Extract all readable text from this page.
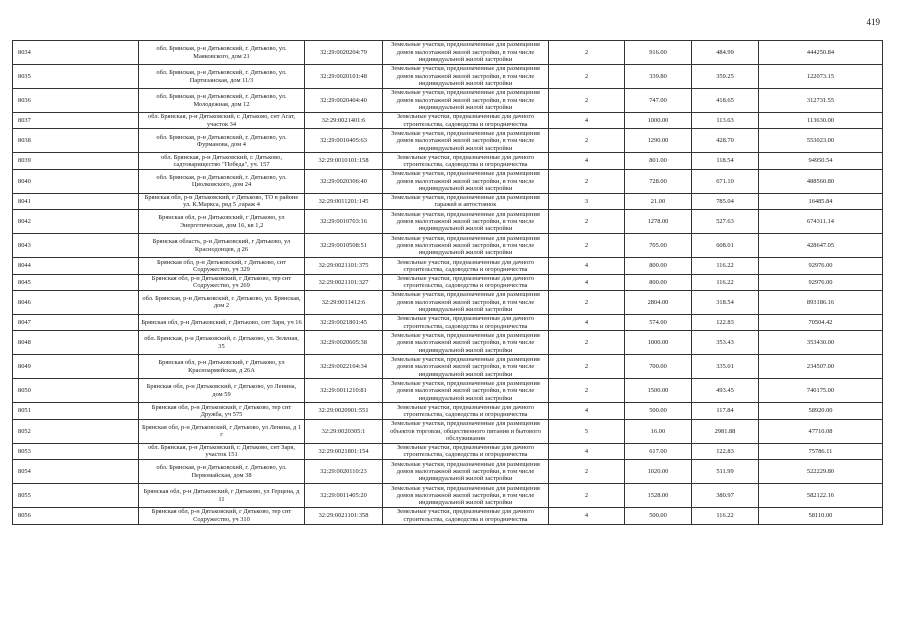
419
8034	обл. Брянская, р-н Дятьковский, г. Дятьково, ул. Маяковского, дом 21	32:29:0020204:79	Земельные участки, предназначенные для размещения домов малоэтажной жилой застройки, в том числе индивидуальной жилой застройки	2	916.00	484.99	444250.84
8035	обл. Брянская, р-н Дятьковский, г. Дятьково, ул. Партизанская, дом 11/3	32:29:0020101:48	Земельные участки, предназначенные для размещения домов малоэтажной жилой застройки, в том числе индивидуальной жилой застройки	2	339.80	359.25	122073.15
8036	обл. Брянская, р-н Дятьковский, г. Дятьково, ул. Молодежная, дом 12	32:29:0020404:40	Земельные участки, предназначенные для размещения домов малоэтажной жилой застройки, в том числе индивидуальной жилой застройки	2	747.00	418.65	312731.55
8037	обл. Брянская, р-н Дятьковский, г. Дятьково, снт Агат, участок 34	32:29:0021401:6	Земельные участки, предназначенные для дачного строительства, садоводства и огородничества	4	1000.00	113.63	113630.00
8038	обл. Брянская, р-н Дятьковский, г. Дятьково, ул. Фурманова, дом 4	32:29:0010405:63	Земельные участки, предназначенные для размещения домов малоэтажной жилой застройки, в том числе индивидуальной жилой застройки	2	1290.00	428.70	553023.00
8039	обл. Брянская, р-н Дятьковский, г. Дятьково, садтоварищество "Победа", уч. 157	32:29:0010101:158	Земельные участки, предназначенные для дачного строительства, садоводства и огородничества	4	801.00	118.54	94950.54
8040	обл. Брянская, р-н Дятьковский, г. Дятьково, ул. Циолковского, дом 24	32:29:0020306:40	Земельные участки, предназначенные для размещения домов малоэтажной жилой застройки, в том числе индивидуальной жилой застройки	2	728.00	671.10	488560.80
8041	Брянская обл, р-н Дятьковский, г Дятьково, ТО в районе ул. К.Маркса, ряд 5 ,гараж 4	32:29:0011201:145	Земельные участки, предназначенные для размещения гаражей и автостоянок	3	21.00	785.04	16485.84
8042	Брянская обл, р-н Дятьковский, г Дятьково, ул Энергетическая, дом 16, кв 1,2	32:29:0010703:16	Земельные участки, предназначенные для размещения домов малоэтажной жилой застройки, в том числе индивидуальной жилой застройки	2	1278.00	527.63	674311.14
8043	Брянская область, р-н Дятьковский, г Дятьково, ул Краснодонцев, д 26	32:29:0010508:51	Земельные участки, предназначенные для размещения домов малоэтажной жилой застройки, в том числе индивидуальной жилой застройки	2	705.00	608.01	428647.05
8044	Брянская обл, р-н Дятьковский, г Дятьково, снт Содружество, уч 329	32:29:0021101:375	Земельные участки, предназначенные для дачного строительства, садоводства и огородничества	4	800.00	116.22	92976.00
8045	Брянская обл, р-н Дятьковский, г Дятьково, тер снт Содружество, уч 269	32:29:0021101:327	Земельные участки, предназначенные для дачного строительства, садоводства и огородничества	4	800.00	116.22	92976.00
8046	обл. Брянская, р-н Дятьковский, г. Дятьково, ул. Брянская, дом 2	32:29:0011412:6	Земельные участки, предназначенные для размещения домов малоэтажной жилой застройки, в том числе индивидуальной жилой застройки	2	2804.00	318.54	893186.16
8047	Брянская обл, р-н Дятьковский, г Дятьково, снт Заря, уч 16	32:29:0021801:45	Земельные участки, предназначенные для дачного строительства, садоводства и огородничества	4	574.00	122.83	70504.42
8048	обл. Брянская, р-н Дятьковский, г. Дятьково, ул. Зеленая, 35	32:29:0020605:38	Земельные участки, предназначенные для размещения домов малоэтажной жилой застройки, в том числе индивидуальной жилой застройки	2	1000.00	353.43	353430.00
8049	Брянская обл, р-н Дятьковский, г Дятьково, ул Красноармейская, д 26А	32:29:0022104:34	Земельные участки, предназначенные для размещения домов малоэтажной жилой застройки, в том числе индивидуальной жилой застройки	2	700.00	335.01	234507.00
8050	Брянская обл, р-н Дятьковский, г Дятьково, ул Ленина, дом 59	32:29:0011210:81	Земельные участки, предназначенные для размещения домов малоэтажной жилой застройки, в том числе индивидуальной жилой застройки	2	1500.00	493.45	740175.00
8051	Брянская обл, р-н Дятьковский, г Дятьково, тер снт Дружба, уч 575	32:29:0020901:551	Земельные участки, предназначенные для дачного строительства, садоводства и огородничества	4	500.00	117.84	58920.00
8052	Брянская обл, р-н Дятьковский, г Дятьково, ул Ленина, д 1 г	32:29:0020305:1	Земельные участки, предназначенные для размещения объектов торговли, общественного питания и бытового обслуживания	5	16.00	2981.88	47710.08
8053	обл. Брянская, р-н Дятьковский, г. Дятьково, снт Заря, участок 151	32:29:0021801:154	Земельные участки, предназначенные для дачного строительства, садоводства и огородничества	4	617.00	122.83	75786.11
8054	обл. Брянская, р-н Дятьковский, г. Дятьково, ул. Первомайская, дом 38	32:29:0020110:23	Земельные участки, предназначенные для размещения домов малоэтажной жилой застройки, в том числе индивидуальной жилой застройки	2	1020.00	511.99	522229.80
8055	Брянская обл, р-н Дятьковский, г Дятьково, ул Герцена, д 11	32:29:0011405:20	Земельные участки, предназначенные для размещения домов малоэтажной жилой застройки, в том числе индивидуальной жилой застройки	2	1528.00	380.97	582122.16
8056	Брянская обл, р-н Дятьковский, г Дятьково, тер снт Содружество, уч 310	32:29:0021101:358	Земельные участки, предназначенные для дачного строительства, садоводства и огородничества	4	500.00	116.22	58110.00
